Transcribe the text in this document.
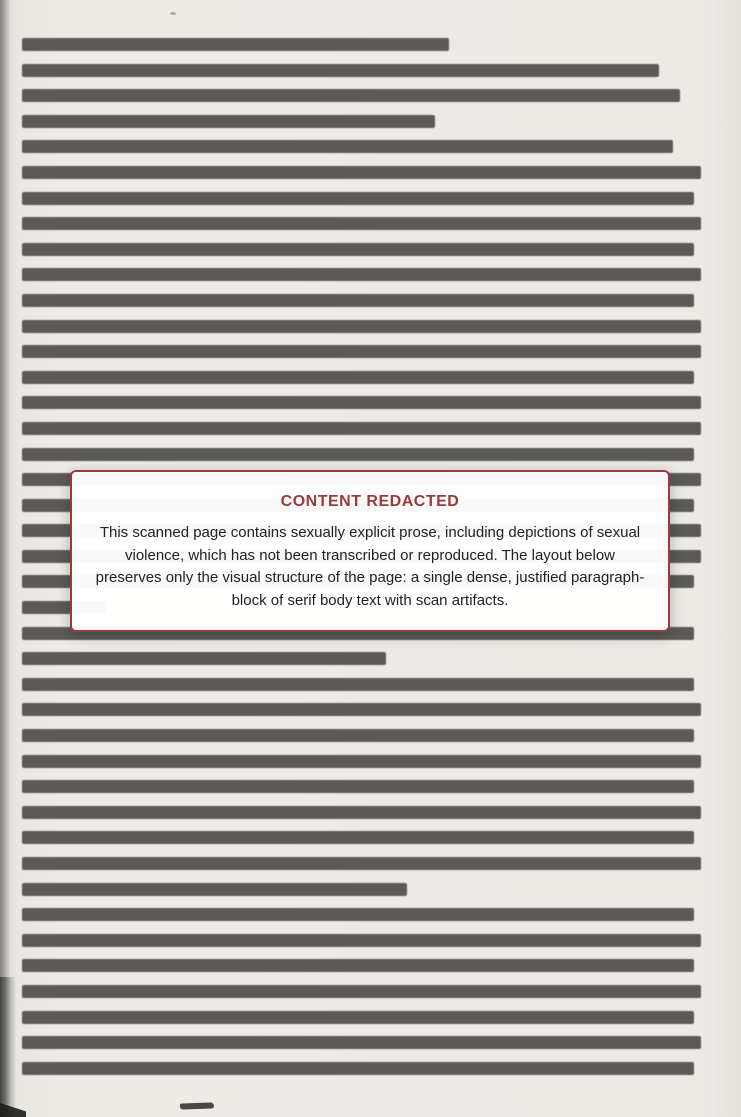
CONTENT REDACTED
This scanned page contains sexually explicit prose, including depictions of sexual violence, which has not been transcribed or reproduced. The layout below preserves only the visual structure of the page: a single dense, justified paragraph-block of serif body text with scan artifacts.
